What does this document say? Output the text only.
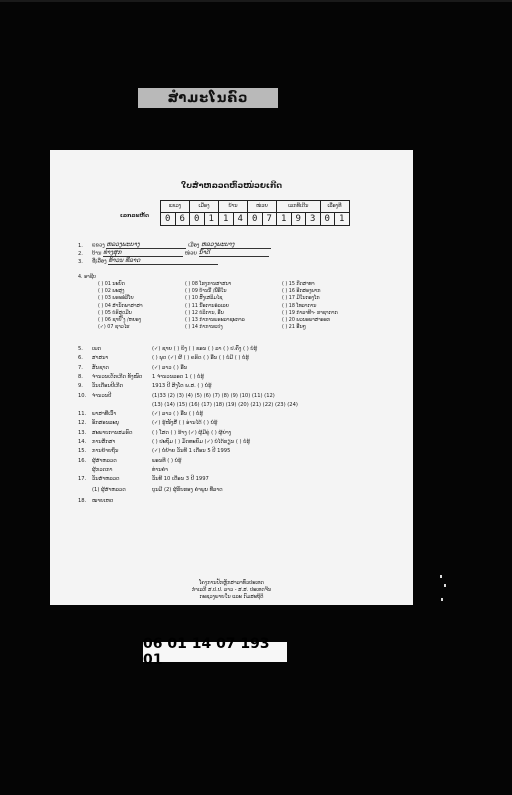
ສຳມະໂນຄົວ
ໃບສຳຫລວດຫົວໜ່ວຍເກີດ
ເລກລະຫັດ
ແຂວງ		ເມືອງ		ບ້ານ		ໜ່ວຍ		ເລກທີເດີນ			ເລື່ອງທີ	
0	6	0	1	1	4	0	7	1	9	3	0	1
1. ແຂວງ ຫລວງພະບາງ	ເມືອງ ຫລວງພະບາງ
2. ບ້ານ ທ່າງສຸກ	ໜ່ວຍ ນ້ຳດີ
3. ຊື່ເລື່ອງ ທ້າວນ ທີ່ລາດ
4. ອາຊີບ
( ) 01 ນະບົດ
( ) 02 ພະສູງ
( ) 03 ພຣະອໍລີໂຍ
( ) 04 ສຳນັກພາສາສາ
( ) 05 ບໍຣິສຸດມີນ
( ) 06 ຊາຍົ ີ້ງ /ຫຍອງ
(✓) 07 ຊາວໄຮ
( ) 08 ໂຮງການສາສນາ
( ) 09 ບ້ານນີ້ /ພີ່ອີ່ໃນ
( ) 10 ສົ່ງເສລິມໄຊ
( ) 11 ນີ້ອການອໍລເລຍ
( ) 12 ບໍລິການ, ອື່ນ
( ) 13 ກຳການພຣະລາຊະກາລ
( ) 14 ກຳການແປງ
( ) 15 ກີດສາທາ
( ) 16 ອີກສອງພາກ
( ) 17 ມີໃນກອງໂກ
( ) 18 ໂທລາການ
( ) 19 ກຳລາທີາ- ຮາຊາກາກ
( ) 20 ພວນອພາສາອອກ
( ) 21 ອື່ນໆ
5. ເພດ	(✓) ຊາຍ ( ) ຍິງ ( ) ຂອນ ( ) ລາ ( ) ປ.ຄົ່ງ ( ) ບໍ່ຮູ້
6. ສາສນາ	( ) ພຸດ (✓) ຜີ ( ) ຄຣິດ ( ) ອື່ນ ( ) ບໍ່ມີ ( ) ບໍ່ຮູ້
7. ສັນຊາດ	(✓) ລາວ ( ) ອື່ນ
8. ຈຳນວນເດັກເກີດ ທັງໝົດ 1 ຈຳນວນລອດ 1 ( ) ບໍ່ຮູ້
9. ວັນເດືອນປີເກີດ	1913 ປີ ສິງໂຕ ພ.ສ. ( ) ບໍ່ຮູ້
10. ຈຳນວນປີ	(1)33 (2) (3) (4) (5) (6) (7) (8) (9) (10) (11) (12)
(13) (14) (15) (16) (17) (18) (19) (20) (21) (22) (23) (24)
11. ພາສາທີ່ເວົ້າ	(✓) ລາວ ( ) ອື່ນ ( ) ບໍ່ຮູ້
12. ອັກສອນລະບຸ	(✓) ຮູ້ໜັງສື ( ) ອ່ານໄດ້ ( ) ບໍ່ຮູ້
13. ສະພາບການສມຣົດ	( ) ໂສດ ( ) ຮ້າງ (✓) ຜູ້ມີຄູ່ ( ) ຜູ້ຍ່າງ
14. ການສຶກສາ	( ) ປະຖົມ ( ) ມັດທະຍົມ (✓) ບໍ່ໄດ້ຮຽນ ( ) ບໍ່ຮູ້
15. ການຍ້າຍຖິ່ນ	(✓) ບໍ່ຍ້າຍ ວັນທີ 1 ເດືອນ 5 ປີ 1995
16. ຜູ້ສຳຫລວດ	ພອນທີ ( ) ບໍ່ຮູ້
ຜູ້ກວດກາ	ທ່ານຄຳ
17. ວັນສຳຫລວດ	ວັນທີ 10 ເດືອນ 3 ປີ 1997
(1) ຜູ້ສຳຫລວດ	ບຸນມີ (2) ຜູ້ຮັບຮອງ ຄຳພູນ ທີ່ລາດ
18. ໝາຍເຫດ
ໂຄງການປັກຫຼັກສາລາທົ່ວປະເທດ
ກຳເລກີ ສ.ປ.ປ. ລາວ - ສ.ສ. ປະເທດຈີນ
ກະຊວງພາຍໃນ ແລະ ກົມສະຖິຕິ
06 01 14 07 193 01
